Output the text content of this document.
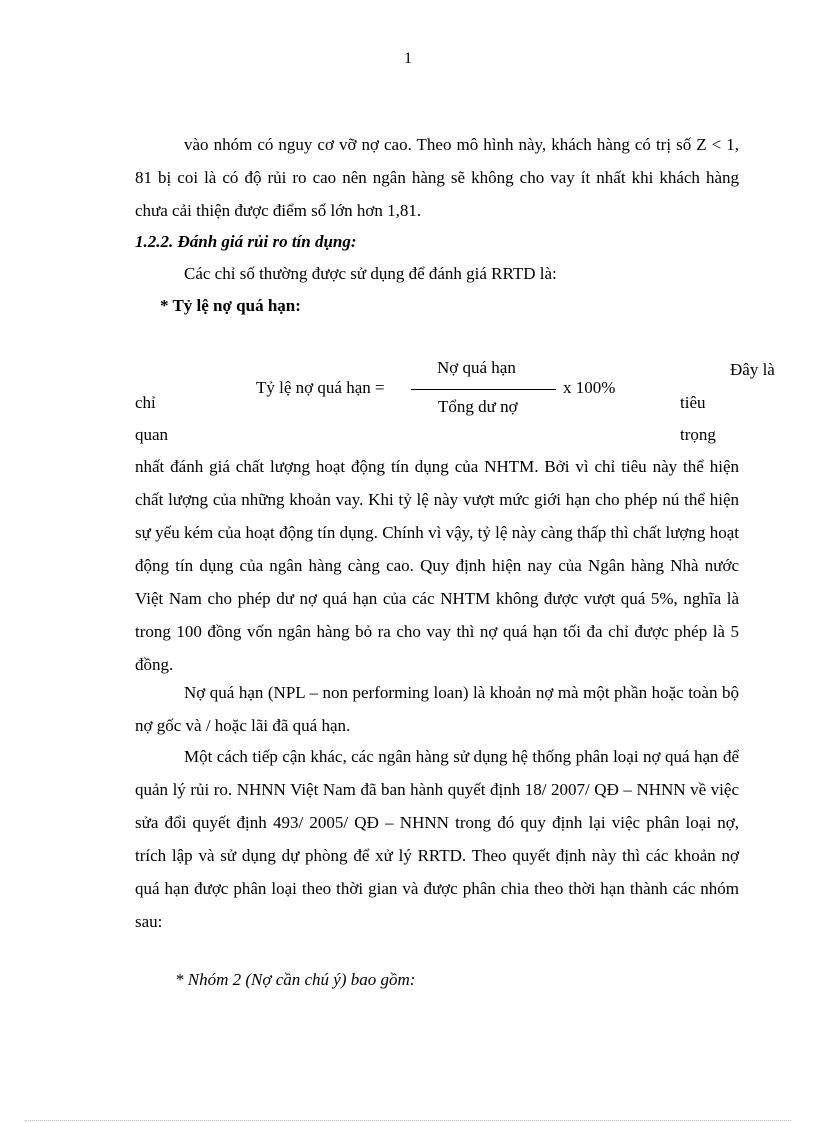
1

vào nhóm có nguy cơ vỡ nợ cao. Theo mô hình này, khách hàng có trị số Z < 1, 81 bị coi là có độ rủi ro cao nên ngân hàng sẽ không cho vay ít nhất khi khách hàng chưa cải thiện được điểm số lớn hơn 1,81.

1.2.2. Đánh giá rủi ro tín dụng:
Các chỉ số thường được sử dụng để đánh giá RRTD là:
* Tỷ lệ nợ quá hạn:
Tỷ lệ nợ quá hạn =
Nợ quá hạn
Tổng dư nợ
x 100%
Đây là
chỉ	tiêu
quan	trọng

nhất đánh giá chất lượng hoạt động tín dụng của NHTM. Bởi vì chỉ tiêu này thể hiện chất lượng của những khoản vay. Khi tỷ lệ này vượt mức giới hạn cho phép nú thể hiện sự yếu kém của hoạt động tín dụng. Chính vì vậy, tỷ lệ này càng thấp thì chất lượng hoạt động tín dụng của ngân hàng càng cao. Quy định hiện nay của Ngân hàng Nhà nước Việt Nam cho phép dư nợ quá hạn của các NHTM không được vượt quá 5%, nghĩa là trong 100 đồng vốn ngân hàng bỏ ra cho vay thì nợ quá hạn tối đa chỉ được phép là 5 đồng.

Nợ quá hạn (NPL – non performing loan) là khoản nợ mà một phần hoặc toàn bộ nợ gốc và / hoặc lãi đã quá hạn.

Một cách tiếp cận khác, các ngân hàng sử dụng hệ thống phân loại nợ quá hạn để quản lý rủi ro. NHNN Việt Nam đã ban hành quyết định 18/ 2007/ QĐ – NHNN về việc sửa đổi quyết định 493/ 2005/ QĐ – NHNN trong đó quy định lại việc phân loại nợ, trích lập và sử dụng dự phòng để xử lý RRTD. Theo quyết định này thì các khoản nợ quá hạn được phân loại theo thời gian và được phân chia theo thời hạn thành các nhóm sau:

* Nhóm 2 (Nợ cần chú ý) bao gồm:
